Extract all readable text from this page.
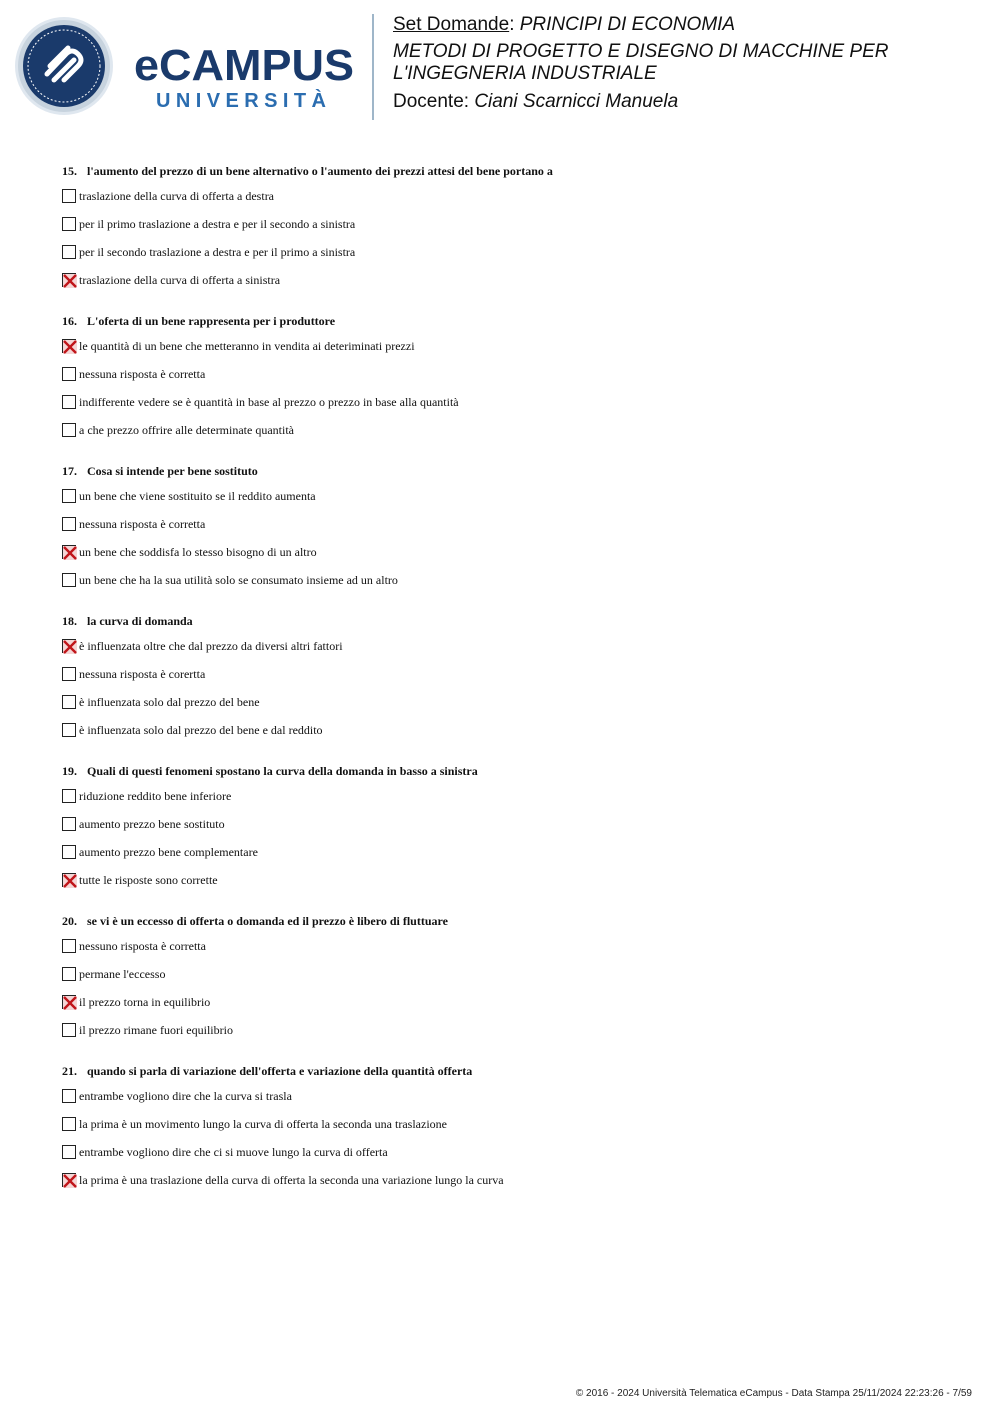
eCAMPUS
UNIVERSITÀ
Set Domande: PRINCIPI DI ECONOMIA
METODI DI PROGETTO E DISEGNO DI MACCHINE PER
L'INGEGNERIA INDUSTRIALE
Docente: Ciani Scarnicci Manuela
15. l'aumento del prezzo di un bene alternativo o l'aumento dei prezzi attesi del bene portano a
traslazione della curva di offerta a destra
per il primo traslazione a destra e per il secondo a sinistra
per il secondo traslazione a destra e per il primo a sinistra
traslazione della curva di offerta a sinistra
16. L'oferta di un bene rappresenta per i produttore
le quantità di un bene che metteranno in vendita ai deteriminati prezzi
nessuna risposta è corretta
indifferente vedere se è quantità in base al prezzo o prezzo in base alla quantità
a che prezzo offrire alle determinate quantità
17. Cosa si intende per bene sostituto
un bene che viene sostituito se il reddito aumenta
nessuna risposta è corretta
un bene che soddisfa lo stesso bisogno di un altro
un bene che ha la sua utilità solo se consumato insieme ad un altro
18. la curva di domanda
è influenzata oltre che dal prezzo da diversi altri fattori
nessuna risposta è corertta
è influenzata solo dal prezzo del bene
è influenzata solo dal prezzo del bene e dal reddito
19. Quali di questi fenomeni spostano la curva della domanda in basso a sinistra
riduzione reddito bene inferiore
aumento prezzo bene sostituto
aumento prezzo bene complementare
tutte le risposte sono corrette
20. se vi è un eccesso di offerta o domanda ed il prezzo è libero di fluttuare
nessuno risposta è corretta
permane l'eccesso
il prezzo torna in equilibrio
il prezzo rimane fuori equilibrio
21. quando si parla di variazione dell'offerta e variazione della quantità offerta
entrambe vogliono dire che la curva si trasla
la prima è un movimento lungo la curva di offerta la seconda una traslazione
entrambe vogliono dire che ci si muove lungo la curva di offerta
la prima è una traslazione della curva di offerta la seconda una variazione lungo la curva
© 2016 - 2024 Università Telematica eCampus - Data Stampa 25/11/2024 22:23:26 - 7/59
